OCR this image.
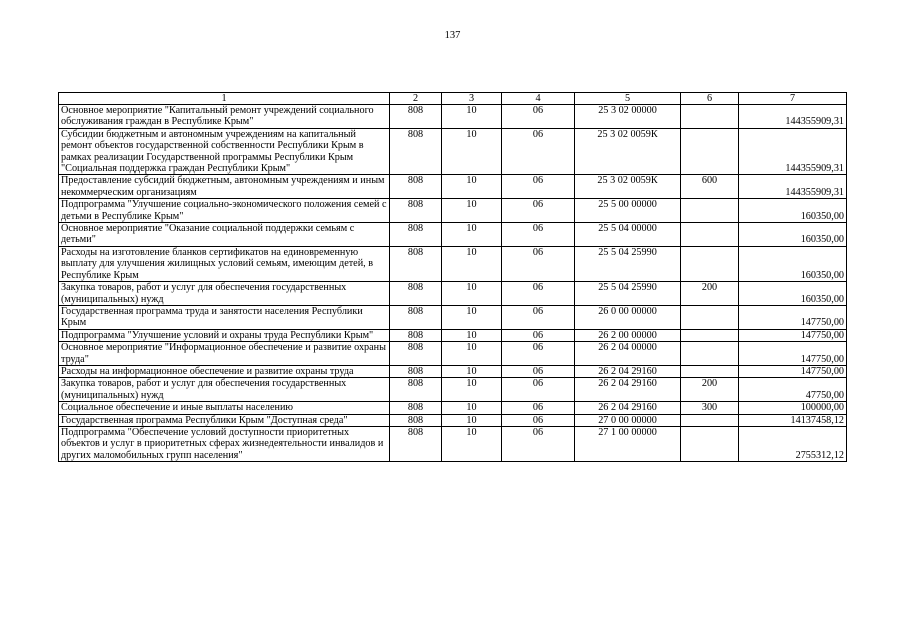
137
1	2	3	4	5	6	7
Основное мероприятие "Капитальный ремонт учреждений социального обслуживания граждан в Республике Крым"	808	10	06	25 3 02 00000		144355909,31
Субсидии бюджетным и автономным учреждениям на капитальный ремонт объектов государственной собственности Республики Крым в рамках реализации Государственной программы Республики Крым "Социальная поддержка граждан Республики Крым"	808	10	06	25 3 02 0059К		144355909,31
Предоставление субсидий бюджетным, автономным учреждениям и иным некоммерческим организациям	808	10	06	25 3 02 0059К	600	144355909,31
Подпрограмма "Улучшение социально-экономического положения семей с детьми в Республике Крым"	808	10	06	25 5 00 00000		160350,00
Основное мероприятие "Оказание социальной поддержки семьям с детьми"	808	10	06	25 5 04 00000		160350,00
Расходы на изготовление бланков сертификатов на единовременную выплату для улучшения жилищных условий семьям, имеющим детей, в Республике Крым	808	10	06	25 5 04 25990		160350,00
Закупка товаров, работ и услуг для обеспечения государственных (муниципальных) нужд	808	10	06	25 5 04 25990	200	160350,00
Государственная программа труда и занятости населения Республики Крым	808	10	06	26 0 00 00000		147750,00
Подпрограмма "Улучшение условий и охраны труда Республики Крым"	808	10	06	26 2 00 00000		147750,00
Основное мероприятие "Информационное обеспечение и развитие охраны труда"	808	10	06	26 2 04 00000		147750,00
Расходы на информационное обеспечение и развитие охраны труда	808	10	06	26 2 04 29160		147750,00
Закупка товаров, работ и услуг для обеспечения государственных (муниципальных) нужд	808	10	06	26 2 04 29160	200	47750,00
Социальное обеспечение и иные выплаты населению	808	10	06	26 2 04 29160	300	100000,00
Государственная программа Республики Крым "Доступная среда"	808	10	06	27 0 00 00000		14137458,12
Подпрограмма "Обеспечение условий доступности приоритетных объектов и услуг в приоритетных сферах жизнедеятельности инвалидов и других маломобильных групп населения"	808	10	06	27 1 00 00000		2755312,12
